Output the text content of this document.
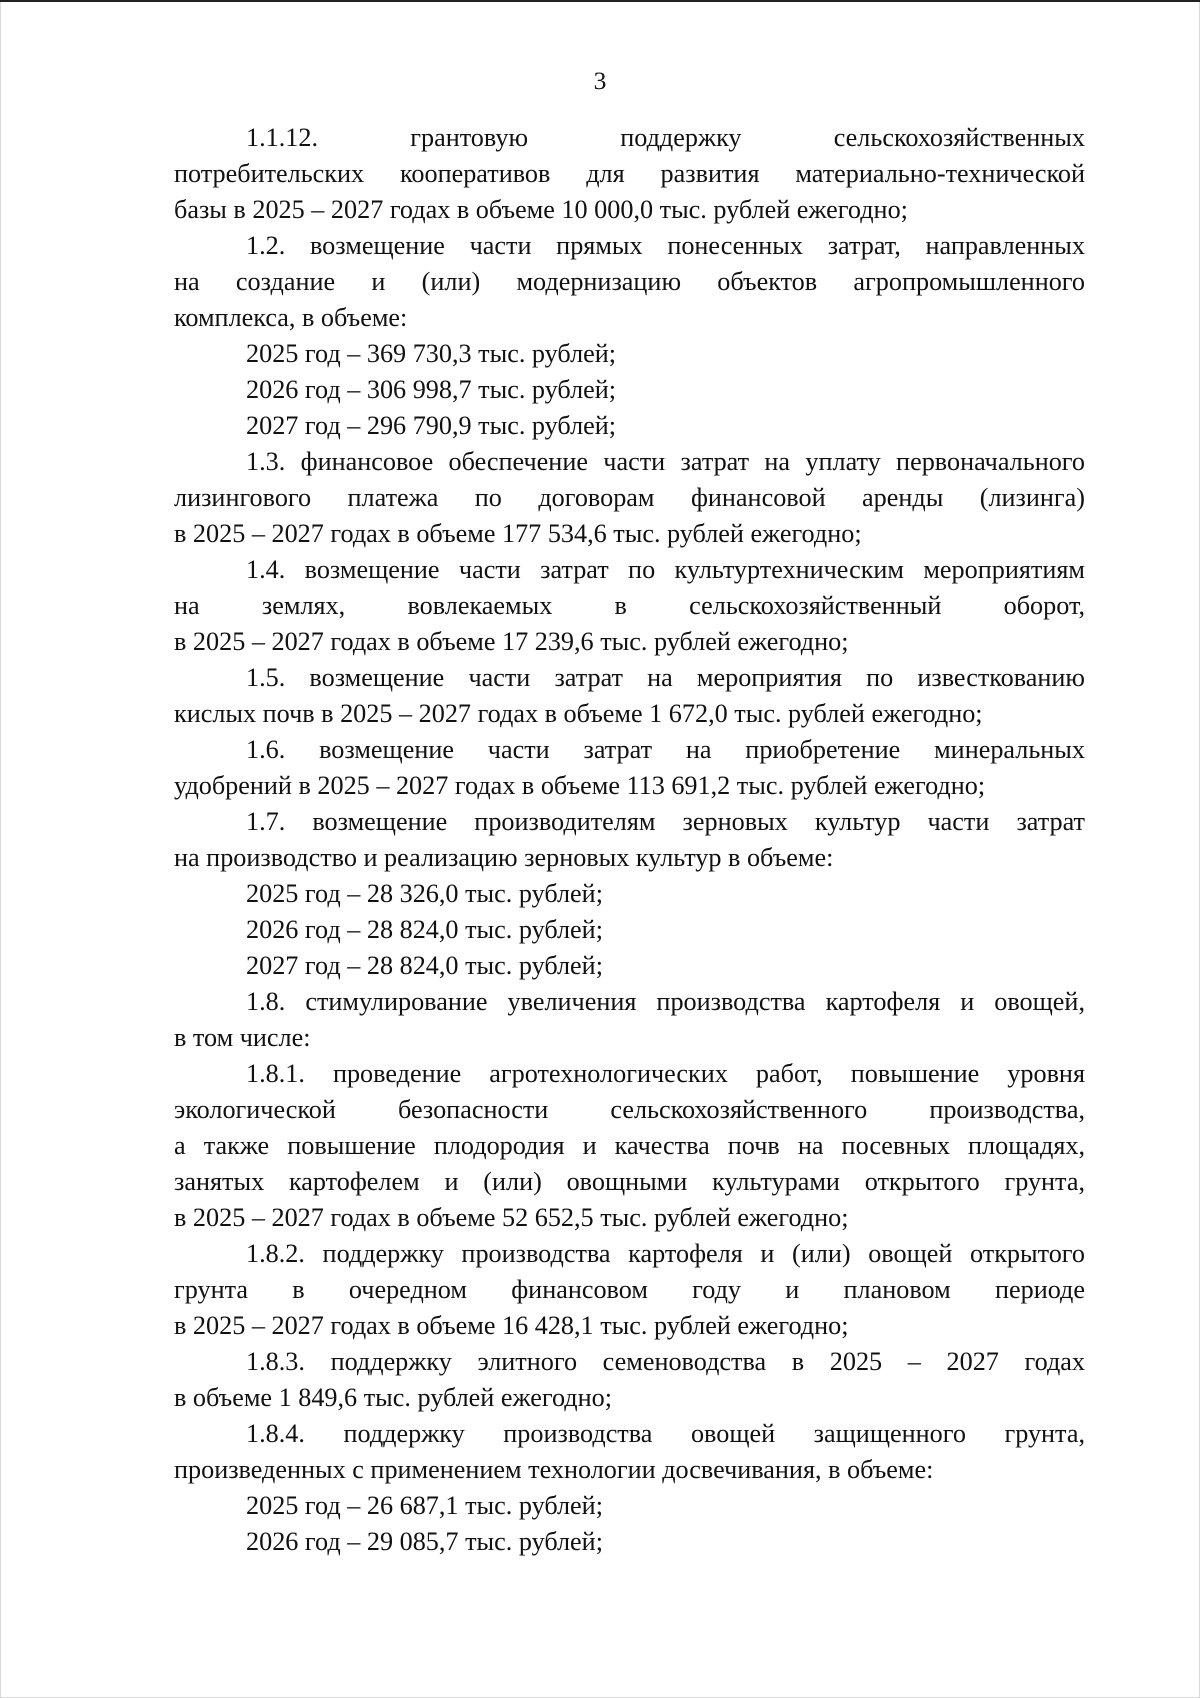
3
1.1.12. грантовую поддержку сельскохозяйственных
потребительских кооперативов для развития материально-технической
базы в 2025 – 2027 годах в объеме 10 000,0 тыс. рублей ежегодно;
1.2. возмещение части прямых понесенных затрат, направленных
на создание и (или) модернизацию объектов агропромышленного
комплекса, в объеме:
2025 год – 369 730,3 тыс. рублей;
2026 год – 306 998,7 тыс. рублей;
2027 год – 296 790,9 тыс. рублей;
1.3. финансовое обеспечение части затрат на уплату первоначального
лизингового платежа по договорам финансовой аренды (лизинга)
в 2025 – 2027 годах в объеме 177 534,6 тыс. рублей ежегодно;
1.4. возмещение части затрат по культуртехническим мероприятиям
на землях, вовлекаемых в сельскохозяйственный оборот,
в 2025 – 2027 годах в объеме 17 239,6 тыс. рублей ежегодно;
1.5. возмещение части затрат на мероприятия по известкованию
кислых почв в 2025 – 2027 годах в объеме 1 672,0 тыс. рублей ежегодно;
1.6. возмещение части затрат на приобретение минеральных
удобрений в 2025 – 2027 годах в объеме 113 691,2 тыс. рублей ежегодно;
1.7. возмещение производителям зерновых культур части затрат
на производство и реализацию зерновых культур в объеме:
2025 год – 28 326,0 тыс. рублей;
2026 год – 28 824,0 тыс. рублей;
2027 год – 28 824,0 тыс. рублей;
1.8. стимулирование увеличения производства картофеля и овощей,
в том числе:
1.8.1. проведение агротехнологических работ, повышение уровня
экологической безопасности сельскохозяйственного производства,
а также повышение плодородия и качества почв на посевных площадях,
занятых картофелем и (или) овощными культурами открытого грунта,
в 2025 – 2027 годах в объеме 52 652,5 тыс. рублей ежегодно;
1.8.2. поддержку производства картофеля и (или) овощей открытого
грунта в очередном финансовом году и плановом периоде
в 2025 – 2027 годах в объеме 16 428,1 тыс. рублей ежегодно;
1.8.3. поддержку элитного семеноводства в 2025 – 2027 годах
в объеме 1 849,6 тыс. рублей ежегодно;
1.8.4. поддержку производства овощей защищенного грунта,
произведенных с применением технологии досвечивания, в объеме:
2025 год – 26 687,1 тыс. рублей;
2026 год – 29 085,7 тыс. рублей;
